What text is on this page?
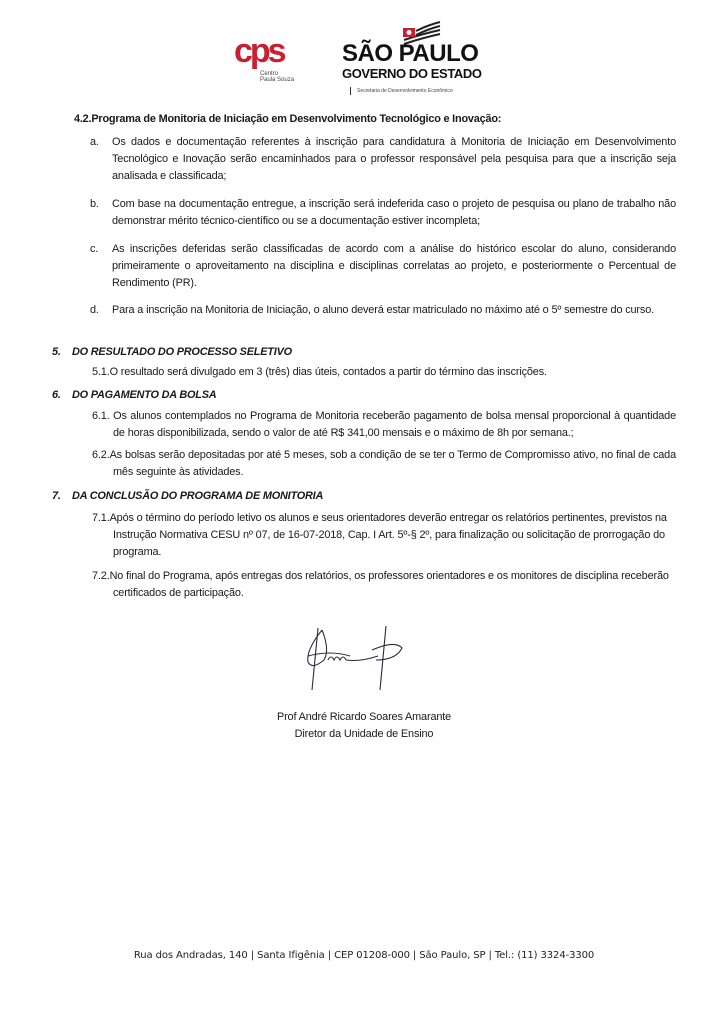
cps
Centro
Paula Souza
SÃO PAULO
GOVERNO DO ESTADO
Secretaria de Desenvolvimento Econômico
4.2.Programa de Monitoria de Iniciação em Desenvolvimento Tecnológico e Inovação:
a. Os dados e documentação referentes à inscrição para candidatura à Monitoria de Iniciação em Desenvolvimento Tecnológico e Inovação serão encaminhados para o professor responsável pela pesquisa para que a inscrição seja analisada e classificada;
b. Com base na documentação entregue, a inscrição será indeferida caso o projeto de pesquisa ou plano de trabalho não demonstrar mérito técnico-científico ou se a documentação estiver incompleta;
c. As inscrições deferidas serão classificadas de acordo com a análise do histórico escolar do aluno, considerando primeiramente o aproveitamento na disciplina e disciplinas correlatas ao projeto, e posteriormente o Percentual de Rendimento (PR).
d. Para a inscrição na Monitoria de Iniciação, o aluno deverá estar matriculado no máximo até o 5º semestre do curso.
5. DO RESULTADO DO PROCESSO SELETIVO
5.1.O resultado será divulgado em 3 (três) dias úteis, contados a partir do término das inscrições.
6. DO PAGAMENTO DA BOLSA
6.1. Os alunos contemplados no Programa de Monitoria receberão pagamento de bolsa mensal proporcional à quantidade de horas disponibilizada, sendo o valor de até R$ 341,00 mensais e o máximo de 8h por semana.;
6.2.As bolsas serão depositadas por até 5 meses, sob a condição de se ter o Termo de Compromisso ativo, no final de cada mês seguinte às atividades.
7. DA CONCLUSÃO DO PROGRAMA DE MONITORIA
7.1.Após o término do período letivo os alunos e seus orientadores deverão entregar os relatórios pertinentes, previstos na Instrução Normativa CESU nº 07, de 16-07-2018, Cap. I Art. 5º-§ 2º, para finalização ou solicitação de prorrogação do programa.
7.2.No final do Programa, após entregas dos relatórios, os professores orientadores e os monitores de disciplina receberão certificados de participação.
Prof André Ricardo Soares Amarante
Diretor da Unidade de Ensino
Rua dos Andradas, 140 | Santa Ifigênia | CEP 01208-000 | São Paulo, SP | Tel.: (11) 3324-3300
